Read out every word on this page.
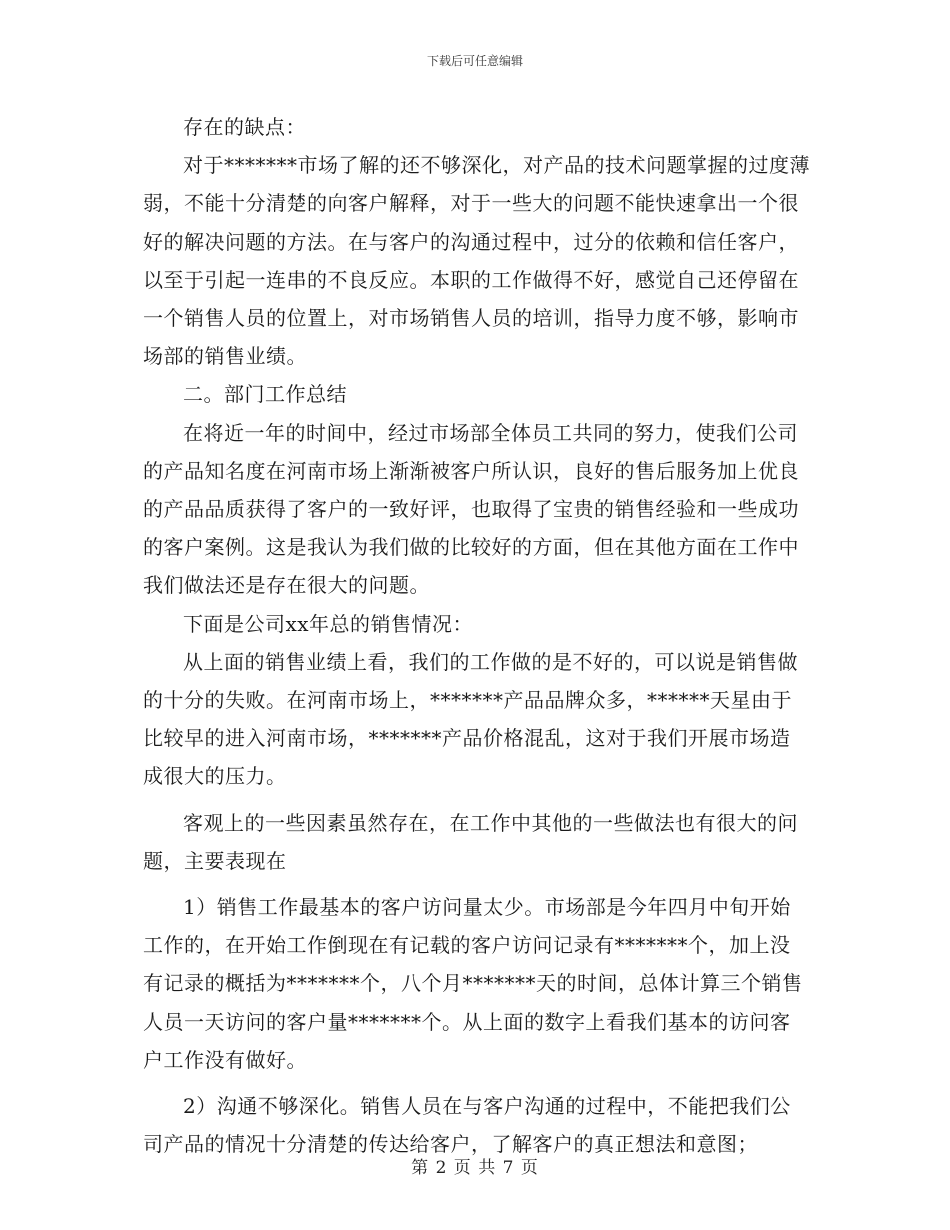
下载后可任意编辑

存在的缺点：

对于*******市场了解的还不够深化，对产品的技术问题掌握的过度薄弱，不能十分清楚的向客户解释，对于一些大的问题不能快速拿出一个很好的解决问题的方法。在与客户的沟通过程中，过分的依赖和信任客户，以至于引起一连串的不良反应。本职的工作做得不好，感觉自己还停留在一个销售人员的位置上，对市场销售人员的培训，指导力度不够，影响市场部的销售业绩。

二。部门工作总结

在将近一年的时间中，经过市场部全体员工共同的努力，使我们公司的产品知名度在河南市场上渐渐被客户所认识，良好的售后服务加上优良的产品品质获得了客户的一致好评，也取得了宝贵的销售经验和一些成功的客户案例。这是我认为我们做的比较好的方面，但在其他方面在工作中我们做法还是存在很大的问题。

下面是公司xx年总的销售情况：

从上面的销售业绩上看，我们的工作做的是不好的，可以说是销售做的十分的失败。在河南市场上，*******产品品牌众多，******天星由于比较早的进入河南市场，*******产品价格混乱，这对于我们开展市场造成很大的压力。

客观上的一些因素虽然存在，在工作中其他的一些做法也有很大的问题，主要表现在

1）销售工作最基本的客户访问量太少。市场部是今年四月中旬开始工作的，在开始工作倒现在有记载的客户访问记录有*******个，加上没有记录的概括为*******个，八个月*******天的时间，总体计算三个销售人员一天访问的客户量*******个。从上面的数字上看我们基本的访问客户工作没有做好。

2）沟通不够深化。销售人员在与客户沟通的过程中，不能把我们公司产品的情况十分清楚的传达给客户，了解客户的真正想法和意图；

第 2 页 共 7 页
